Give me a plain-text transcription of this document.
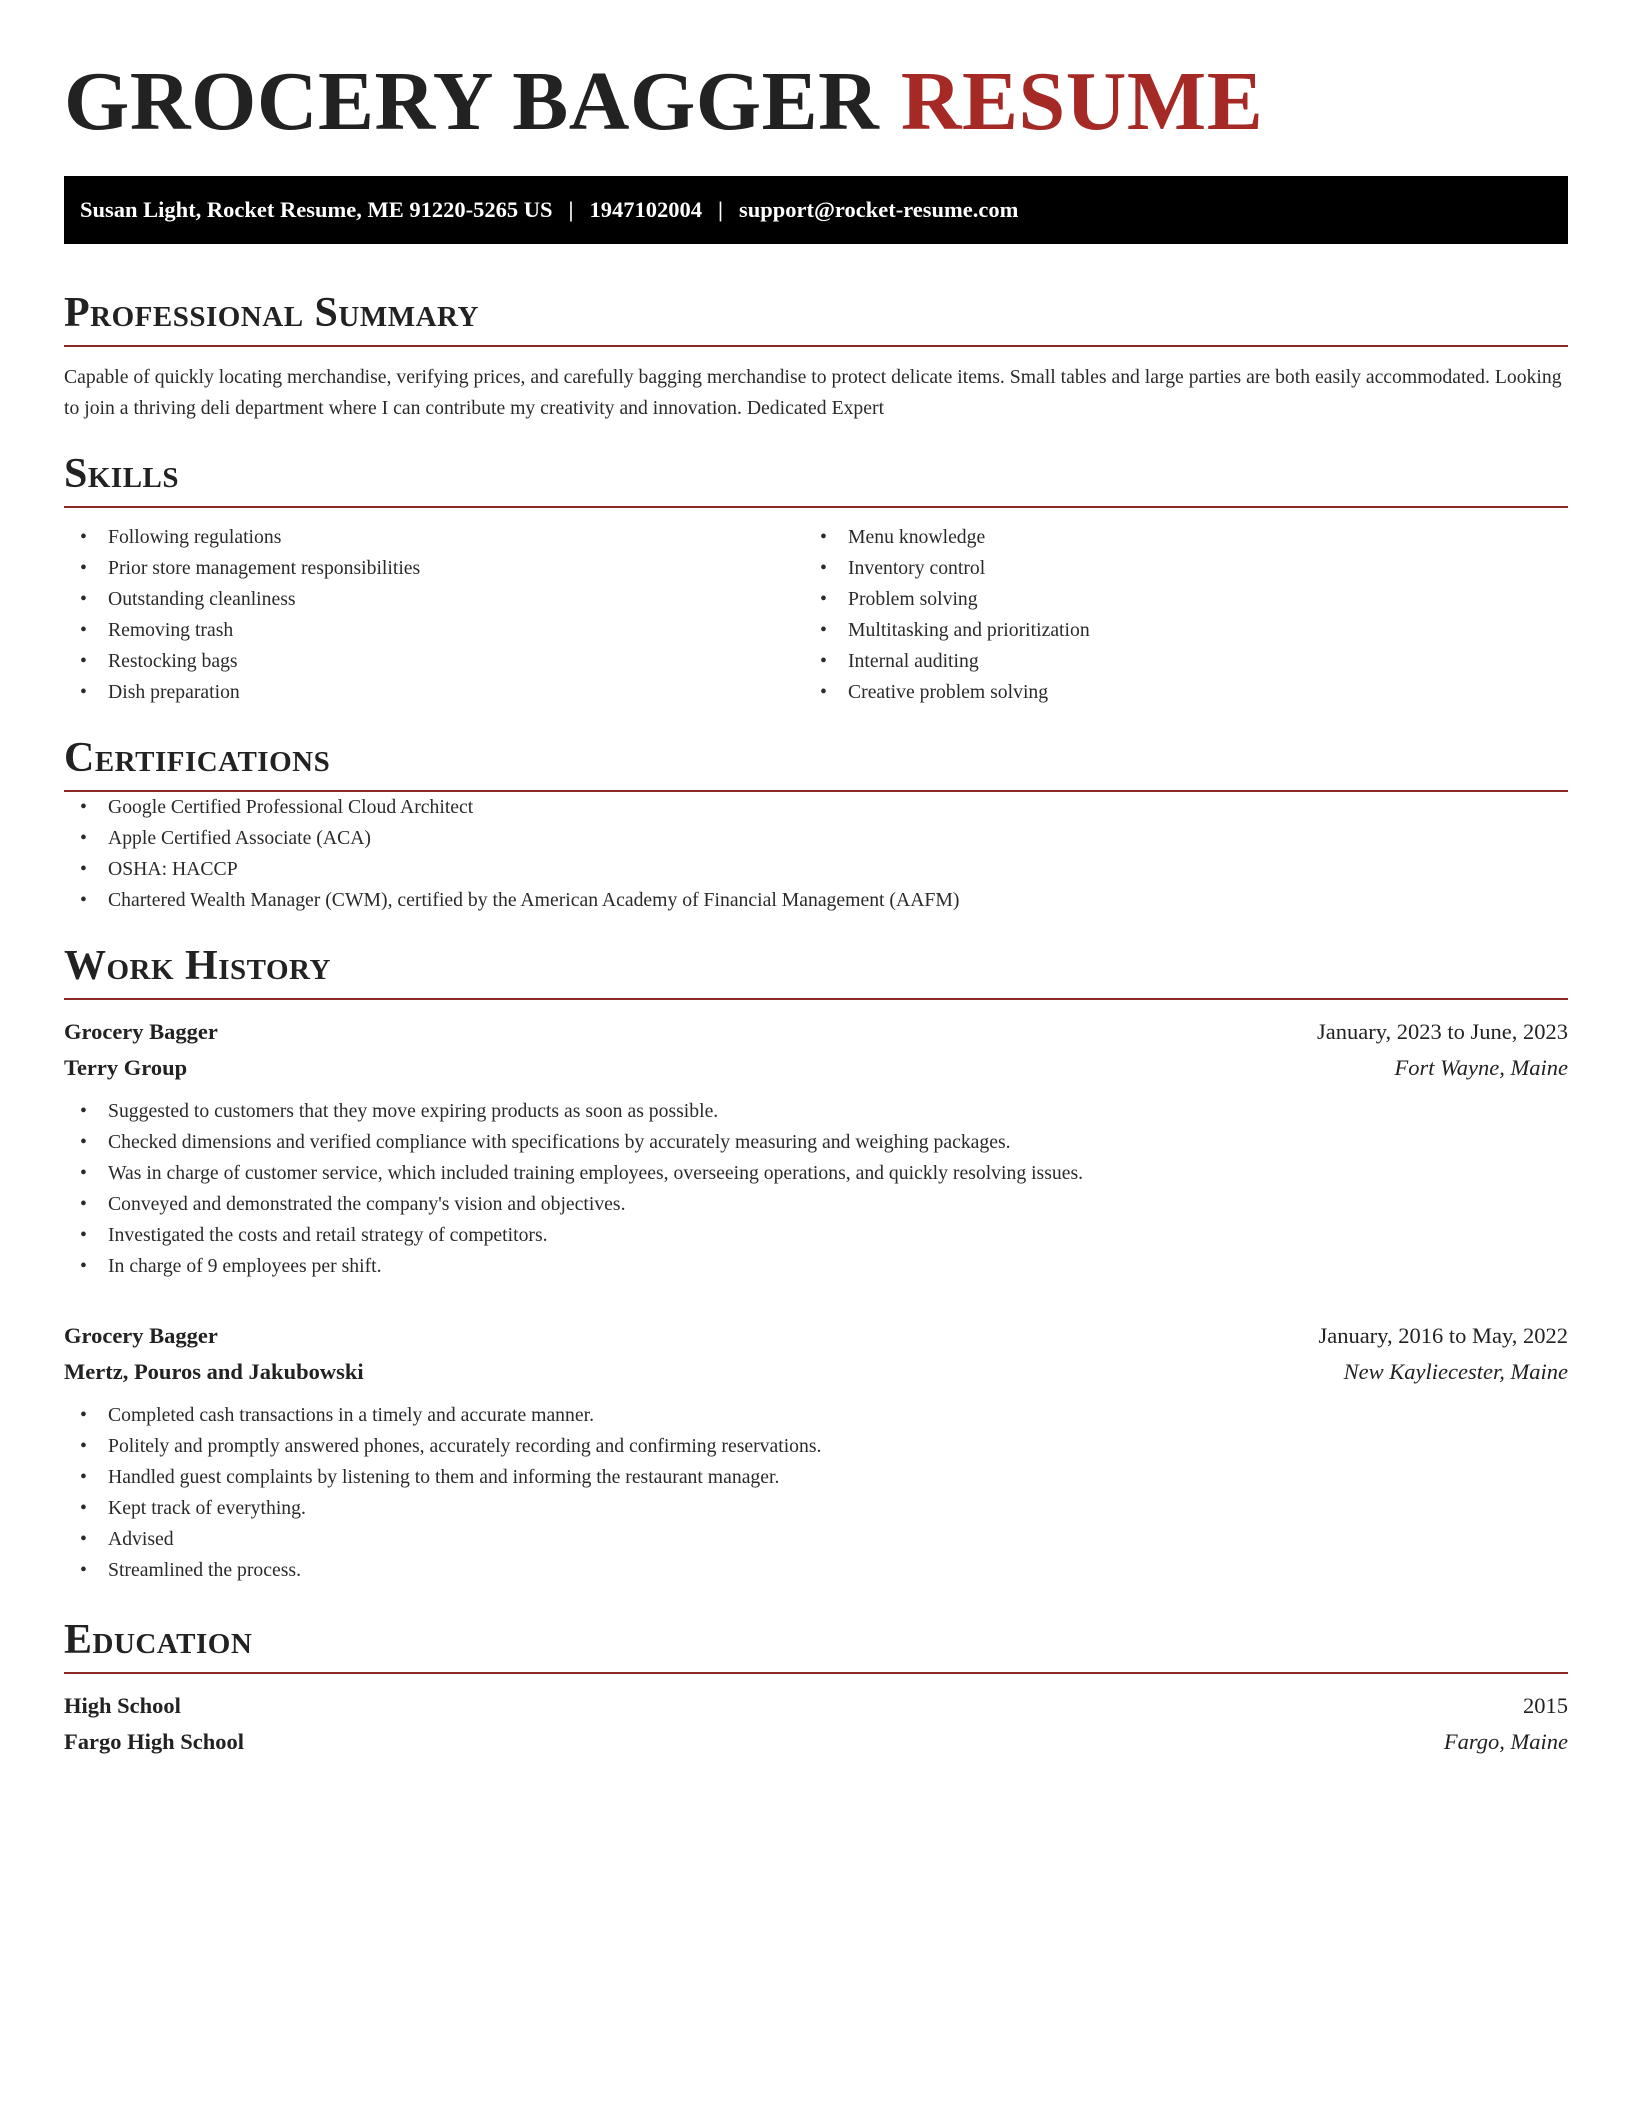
GROCERY BAGGER RESUME
Susan Light, Rocket Resume, ME 91220-5265 US | 1947102004 | support@rocket-resume.com
Professional Summary

Capable of quickly locating merchandise, verifying prices, and carefully bagging merchandise to protect delicate items. Small tables and large parties are both easily accommodated. Looking to join a thriving deli department where I can contribute my creativity and innovation. Dedicated Expert

Skills
• Following regulations
• Prior store management responsibilities
• Outstanding cleanliness
• Removing trash
• Restocking bags
• Dish preparation
• Menu knowledge
• Inventory control
• Problem solving
• Multitasking and prioritization
• Internal auditing
• Creative problem solving
Certifications
• Google Certified Professional Cloud Architect
• Apple Certified Associate (ACA)
• OSHA: HACCP
• Chartered Wealth Manager (CWM), certified by the American Academy of Financial Management (AAFM)
Work History
Grocery Bagger	January, 2023 to June, 2023
Terry Group	Fort Wayne, Maine
• Suggested to customers that they move expiring products as soon as possible.
• Checked dimensions and verified compliance with specifications by accurately measuring and weighing packages.
• Was in charge of customer service, which included training employees, overseeing operations, and quickly resolving issues.
• Conveyed and demonstrated the company's vision and objectives.
• Investigated the costs and retail strategy of competitors.
• In charge of 9 employees per shift.
Grocery Bagger	January, 2016 to May, 2022
Mertz, Pouros and Jakubowski	New Kayliecester, Maine
• Completed cash transactions in a timely and accurate manner.
• Politely and promptly answered phones, accurately recording and confirming reservations.
• Handled guest complaints by listening to them and informing the restaurant manager.
• Kept track of everything.
• Advised
• Streamlined the process.
Education
High School	2015
Fargo High School	Fargo, Maine
